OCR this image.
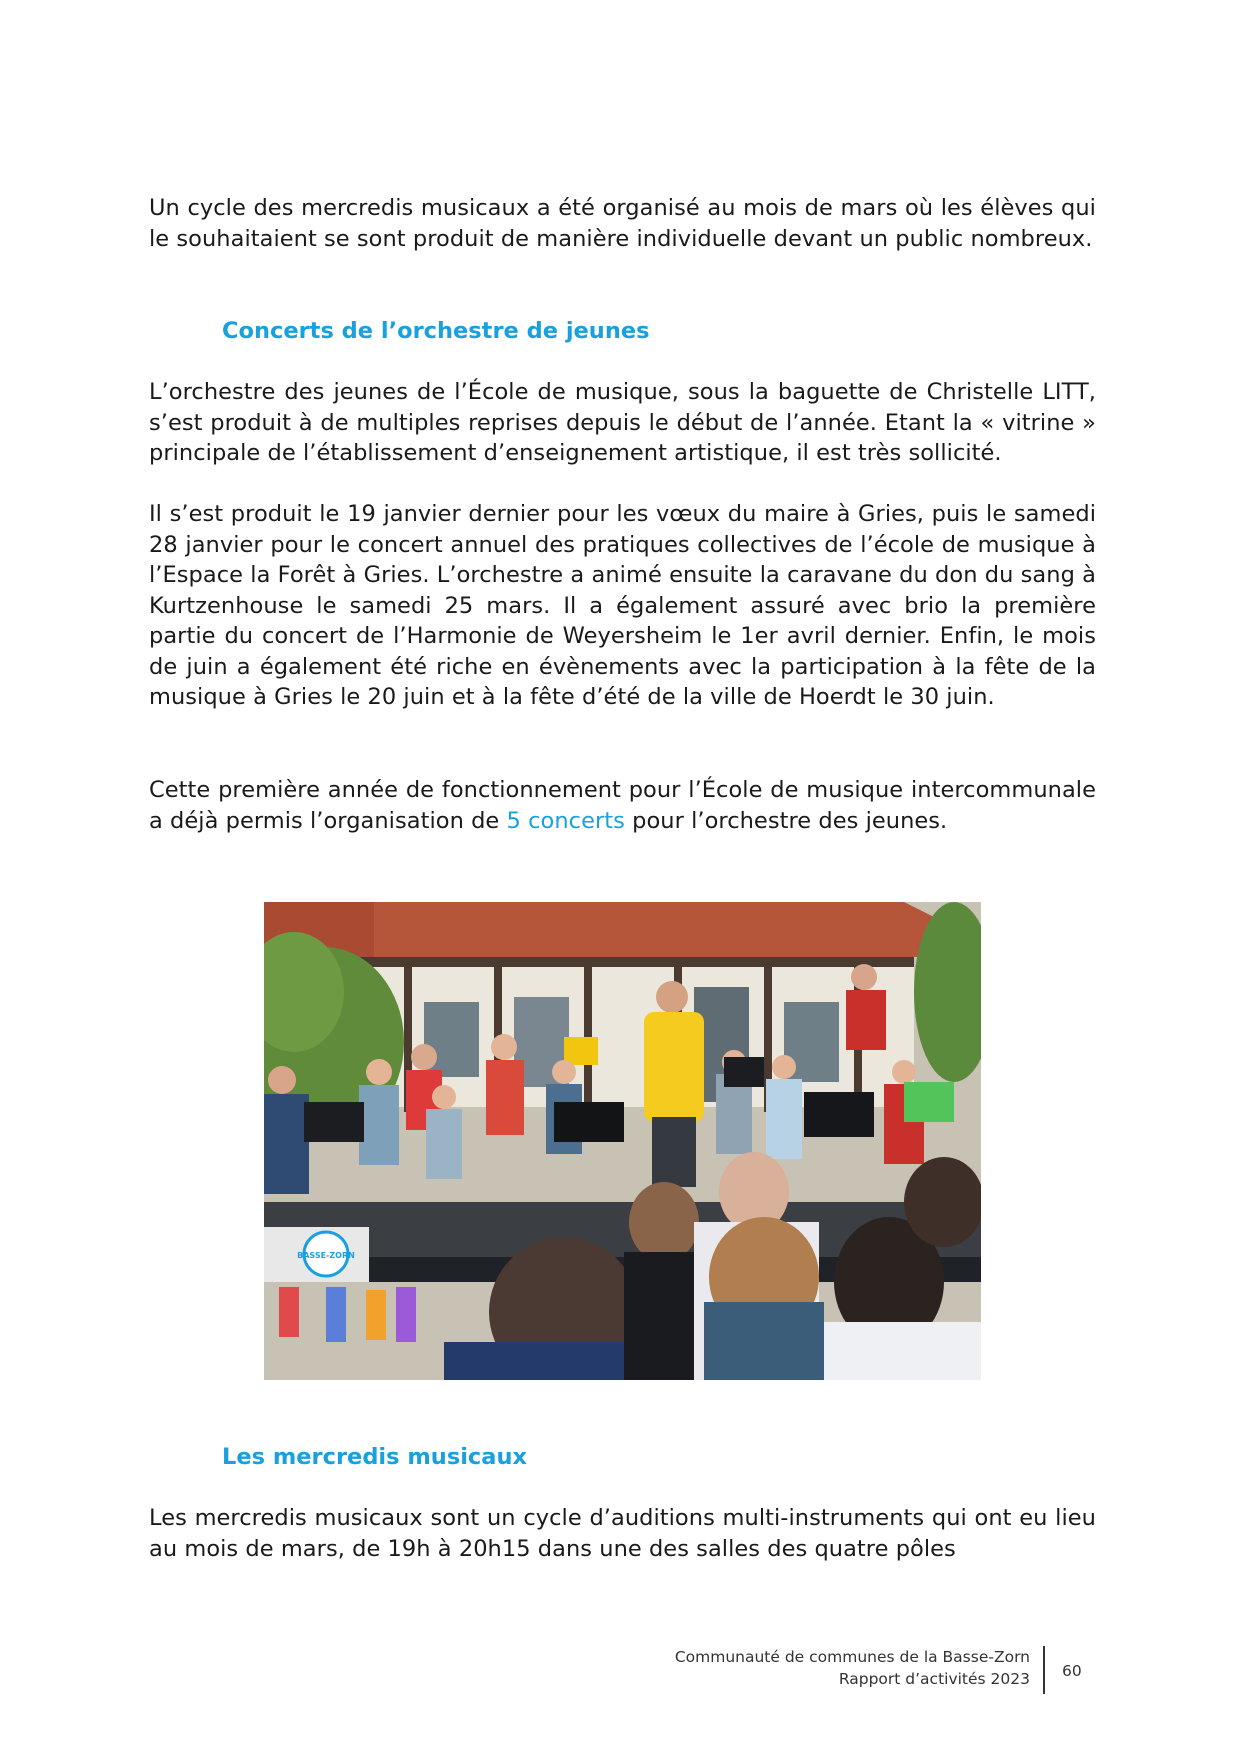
Un cycle des mercredis musicaux a été organisé au mois de mars où les élèves qui le souhaitaient se sont produit de manière individuelle devant un public nombreux.

Concerts de l’orchestre de jeunes

L’orchestre des jeunes de l’École de musique, sous la baguette de Christelle LITT, s’est produit à de multiples reprises depuis le début de l’année. Etant la « vitrine » principale de l’établissement d’enseignement artistique, il est très sollicité.

Il s’est produit le 19 janvier dernier pour les vœux du maire à Gries, puis le samedi 28 janvier pour le concert annuel des pratiques collectives de l’école de musique à l’Espace la Forêt à Gries. L’orchestre a animé ensuite la caravane du don du sang à Kurtzenhouse le samedi 25 mars. Il a également assuré avec brio la première partie du concert de l’Harmonie de Weyersheim le 1er avril dernier. Enfin, le mois de juin a également été riche en évènements avec la participation à la fête de la musique à Gries le 20 juin et à la fête d’été de la ville de Hoerdt le 30 juin.

Cette première année de fonctionnement pour l’École de musique intercommunale a déjà permis l’organisation de 5 concerts pour l’orchestre des jeunes.

BASSE-ZORN
Les mercredis musicaux

Les mercredis musicaux sont un cycle d’auditions multi-instruments qui ont eu lieu au mois de mars, de 19h à 20h15 dans une des salles des quatre pôles

Communauté de communes de la Basse-Zorn
Rapport d’activités 2023 60
